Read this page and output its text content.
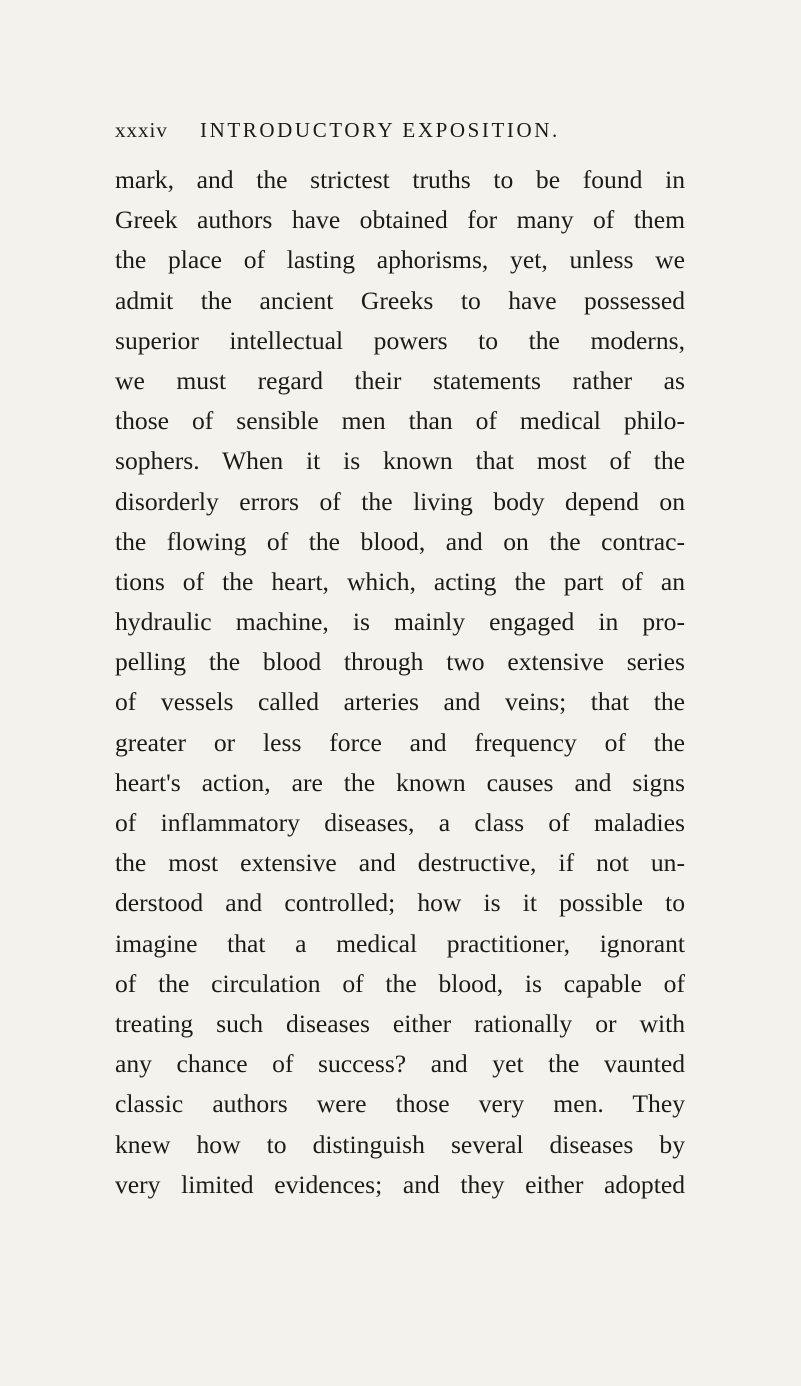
xxxiv INTRODUCTORY EXPOSITION.
mark, and the strictest truths to be found in
Greek authors have obtained for many of them
the place of lasting aphorisms, yet, unless we
admit the ancient Greeks to have possessed
superior intellectual powers to the moderns,
we must regard their statements rather as
those of sensible men than of medical philo-
sophers. When it is known that most of the
disorderly errors of the living body depend on
the flowing of the blood, and on the contrac-
tions of the heart, which, acting the part of an
hydraulic machine, is mainly engaged in pro-
pelling the blood through two extensive series
of vessels called arteries and veins; that the
greater or less force and frequency of the
heart's action, are the known causes and signs
of inflammatory diseases, a class of maladies
the most extensive and destructive, if not un-
derstood and controlled; how is it possible to
imagine that a medical practitioner, ignorant
of the circulation of the blood, is capable of
treating such diseases either rationally or with
any chance of success? and yet the vaunted
classic authors were those very men. They
knew how to distinguish several diseases by
very limited evidences; and they either adopted
